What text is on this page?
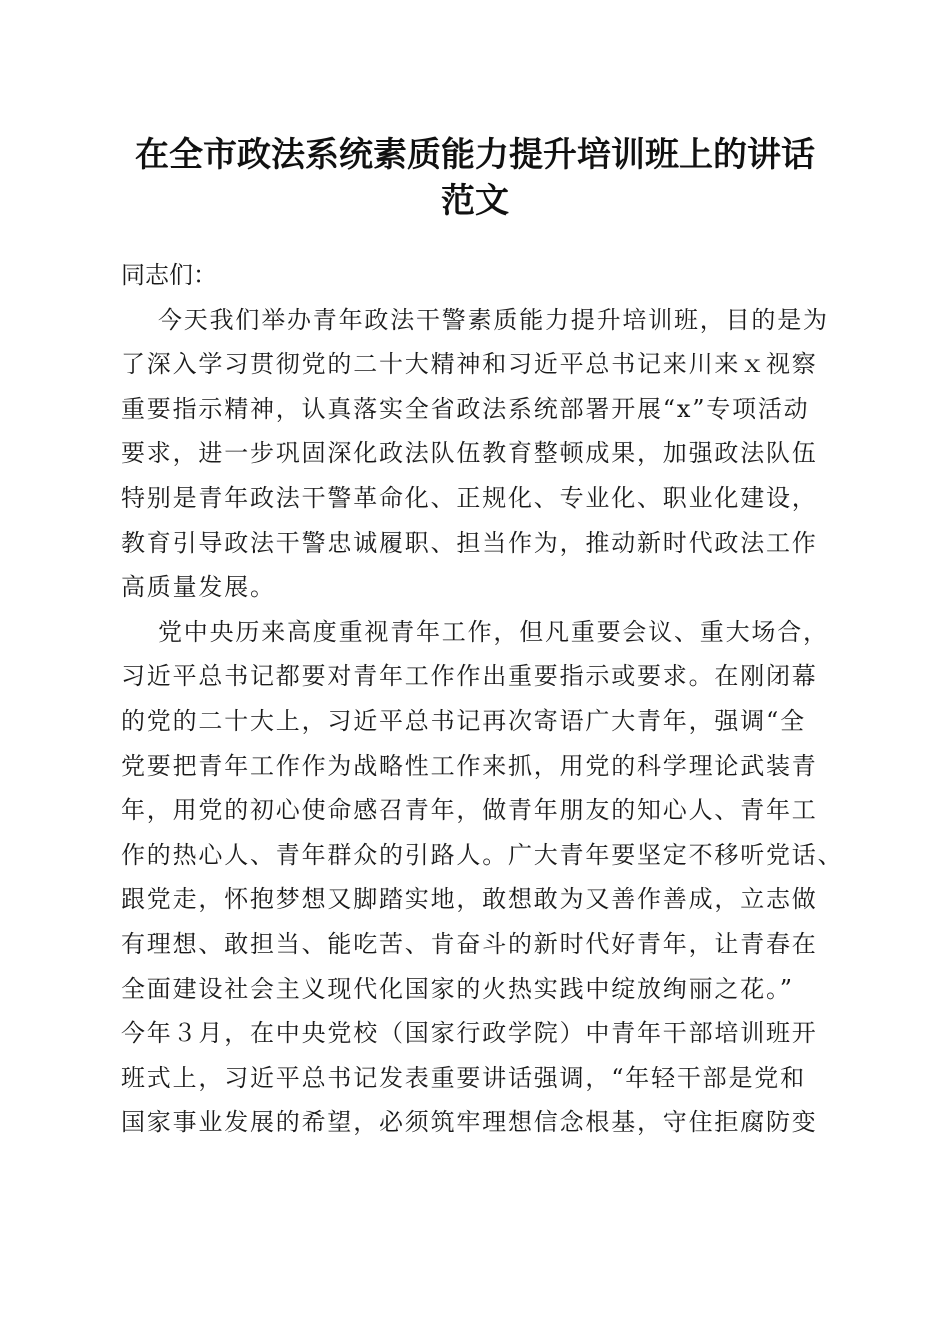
在全市政法系统素质能力提升培训班上的讲话
范文

同志们：

今天我们举办青年政法干警素质能力提升培训班，目的是为
了深入学习贯彻党的二十大精神和习近平总书记来川来ｘ视察
重要指示精神，认真落实全省政法系统部署开展“x”专项活动
要求，进一步巩固深化政法队伍教育整顿成果，加强政法队伍
特别是青年政法干警革命化、正规化、专业化、职业化建设，
教育引导政法干警忠诚履职、担当作为，推动新时代政法工作
高质量发展。

党中央历来高度重视青年工作，但凡重要会议、重大场合，
习近平总书记都要对青年工作作出重要指示或要求。在刚闭幕
的党的二十大上，习近平总书记再次寄语广大青年，强调“全
党要把青年工作作为战略性工作来抓，用党的科学理论武装青
年，用党的初心使命感召青年，做青年朋友的知心人、青年工
作的热心人、青年群众的引路人。广大青年要坚定不移听党话、
跟党走，怀抱梦想又脚踏实地，敢想敢为又善作善成，立志做
有理想、敢担当、能吃苦、肯奋斗的新时代好青年，让青春在
全面建设社会主义现代化国家的火热实践中绽放绚丽之花。”
今年３月，在中央党校（国家行政学院）中青年干部培训班开
班式上，习近平总书记发表重要讲话强调，“年轻干部是党和
国家事业发展的希望，必须筑牢理想信念根基，守住拒腐防变
